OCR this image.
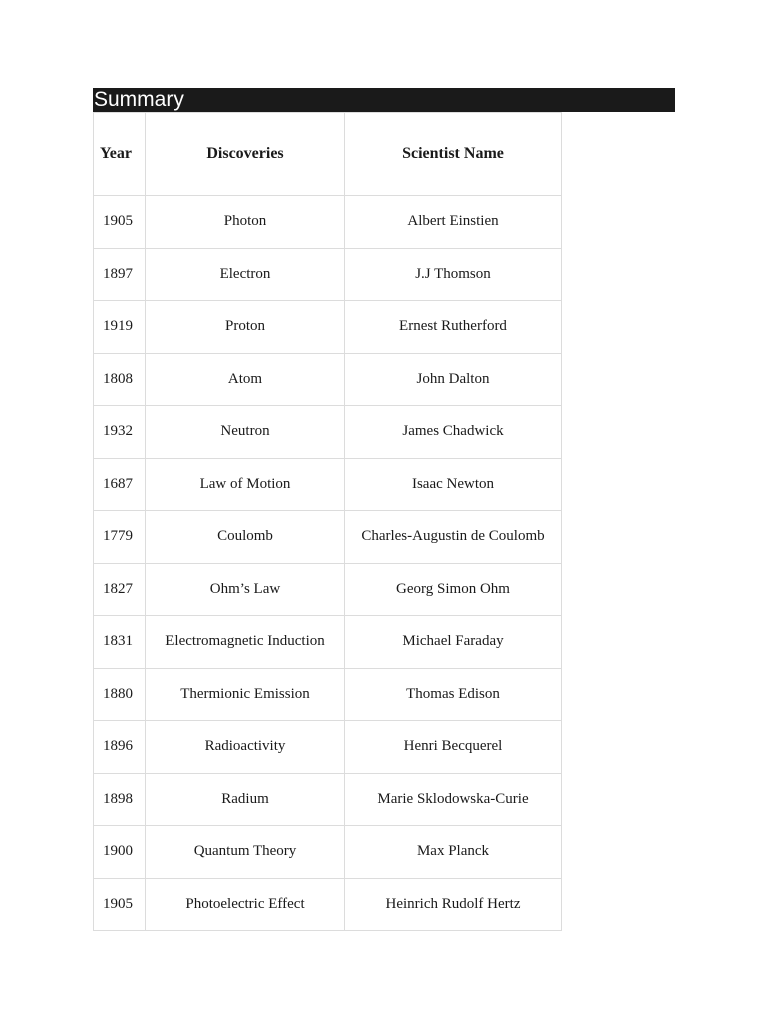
Summary
Year	Discoveries	Scientist Name
1905	Photon	Albert Einstien
1897	Electron	J.J Thomson
1919	Proton	Ernest Rutherford
1808	Atom	John Dalton
1932	Neutron	James Chadwick
1687	Law of Motion	Isaac Newton
1779	Coulomb	Charles-Augustin de Coulomb
1827	Ohm’s Law	Georg Simon Ohm
1831	Electromagnetic Induction	Michael Faraday
1880	Thermionic Emission	Thomas Edison
1896	Radioactivity	Henri Becquerel
1898	Radium	Marie Sklodowska-Curie
1900	Quantum Theory	Max Planck
1905	Photoelectric Effect	Heinrich Rudolf Hertz
